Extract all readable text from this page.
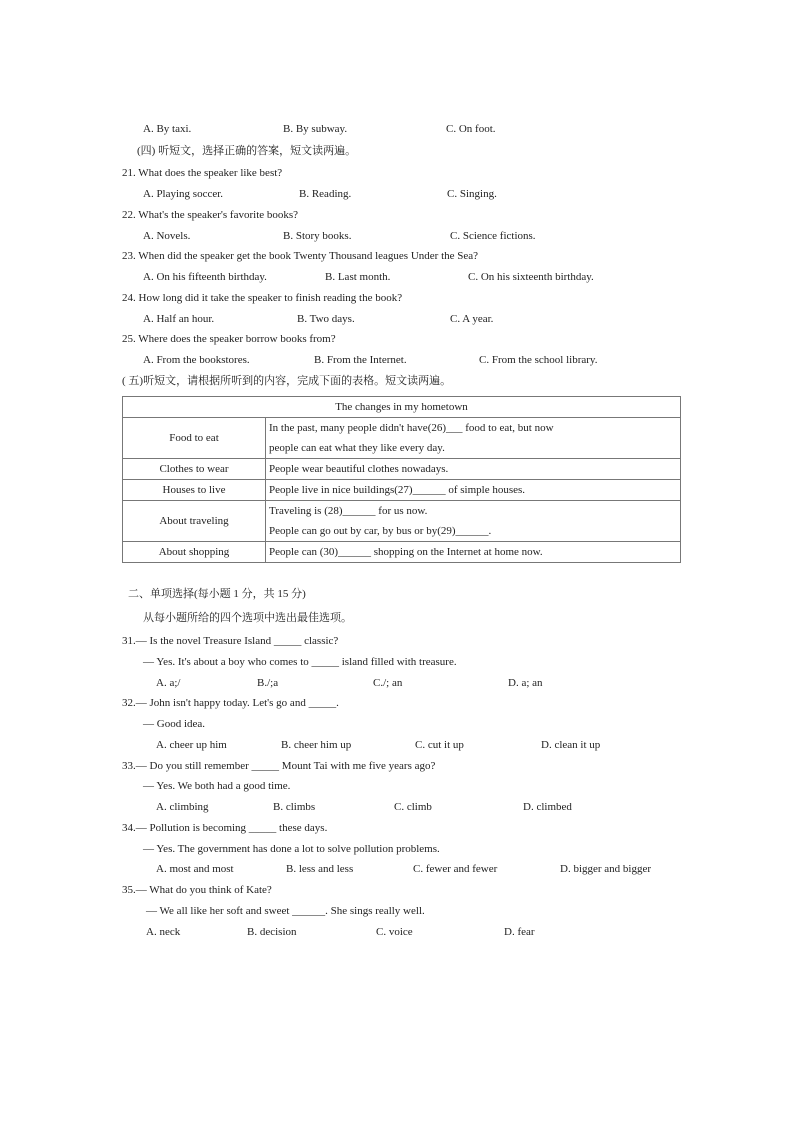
A. By taxi.	B. By subway.	C. On foot.
(四) 听短文，选择正确的答案，短文读两遍。
21. What does the speaker like best?
A. Playing soccer.	B. Reading.	C. Singing.
22. What's the speaker's favorite books?
A. Novels.	B. Story books.	C. Science fictions.
23. When did the speaker get the book Twenty Thousand leagues Under the Sea?
A. On his fifteenth birthday.	B. Last month.	C. On his sixteenth birthday.
24. How long did it take the speaker to finish reading the book?
A. Half an hour.	B. Two days.	C. A year.
25. Where does the speaker borrow books from?
A. From the bookstores.	B. From the Internet.	C. From the school library.
( 五)听短文，请根据所听到的内容，完成下面的表格。短文读两遍。
The changes in my hometown	
Food to eat	In the past, many people didn't have(26)___ food to eat, but now
people can eat what they like every day.

Clothes to wear	People wear beautiful clothes nowadays.

Houses to live	People live in nice buildings(27)______ of simple houses.

About traveling	Traveling is (28)______ for us now.
People can go out by car, by bus or by(29)______.

About shopping	People can (30)______ shopping on the Internet at home now.
二、单项选择(每小题 1 分，共 15 分)
从每小题所给的四个选项中选出最佳选项。
31.— Is the novel Treasure Island _____ classic?
— Yes. It's about a boy who comes to _____ island filled with treasure.
A. a;/	B./;a	C./; an	D. a; an
32.— John isn't happy today. Let's go and _____.
— Good idea.
A. cheer up him	B. cheer him up	C. cut it up	D. clean it up
33.— Do you still remember _____ Mount Tai with me five years ago?
— Yes. We both had a good time.
A. climbing	B. climbs	C. climb	D. climbed
34.— Pollution is becoming _____ these days.
— Yes. The government has done a lot to solve pollution problems.
A. most and most	B. less and less	C. fewer and fewer	D. bigger and bigger
35.— What do you think of Kate?
— We all like her soft and sweet ______. She sings really well.
A. neck	B. decision	C. voice	D. fear
